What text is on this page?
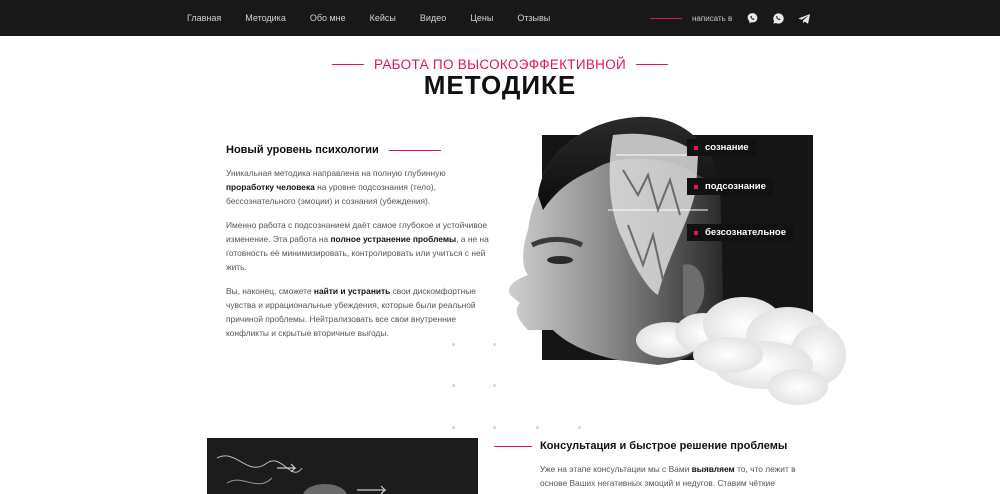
Главная	Методика	Обо мне	Кейсы	Видео	Цены	Отзывы	написать в
РАБОТА ПО ВЫСОКОЭФФЕКТИВНОЙ
МЕТОДИКЕ
Новый уровень психологии

Уникальная методика направлена на полную глубинную проработку человека на уровне подсознания (тело), бессознательного (эмоции) и сознания (убеждения).

Именно работа с подсознанием даёт самое глубокое и устойчивое изменение. Эта работа на полное устранение проблемы, а не на готовность её минимизировать, контролировать или учиться с ней жить.

Вы, наконец, сможете найти и устранить свои дискомфортные чувства и иррациональные убеждения, которые были реальной причиной проблемы. Нейтрализовать все свои внутренние конфликты и скрытые вторичные выгоды.

сознание
подсознание
безсознательное
Консультация и быстрое решение проблемы

Уже на этапе консультации мы с Вами выявляем то, что лежит в основе Ваших негативных эмоций и недугов. Ставим чёткие
